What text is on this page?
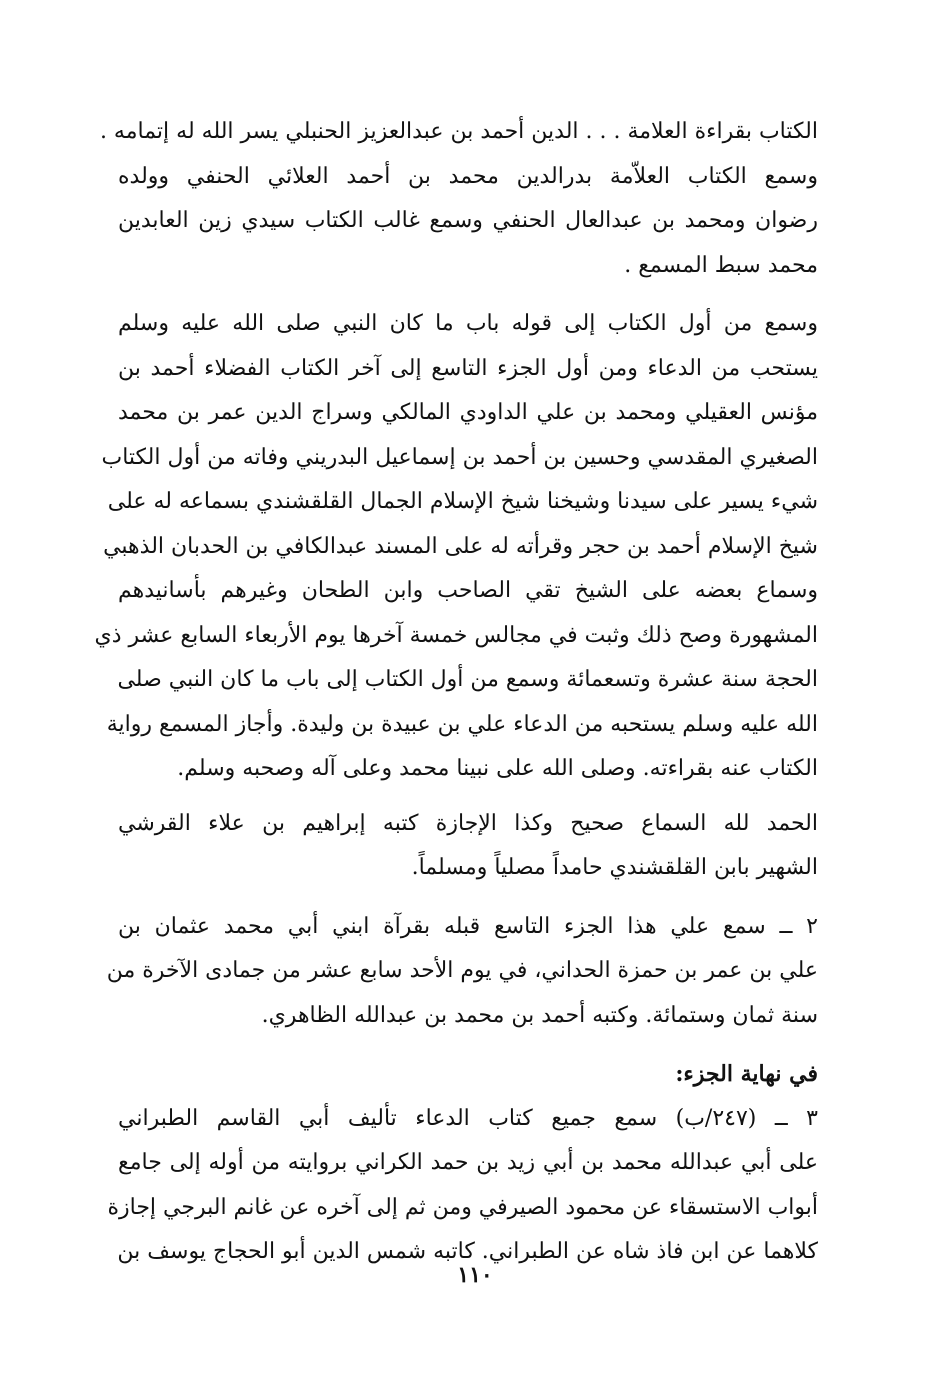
الكتاب بقراءة العلامة . . . الدين أحمد بن عبدالعزيز الحنبلي يسر الله له إتمامه .

وسمع الكتاب العلاّمة بدرالدين محمد بن أحمد العلائي الحنفي وولده
رضوان ومحمد بن عبدالعال الحنفي وسمع غالب الكتاب سيدي زين العابدين
محمد سبط المسمع .

وسمع من أول الكتاب إلى قوله باب ما كان النبي صلى الله عليه وسلم
يستحب من الدعاء ومن أول الجزء التاسع إلى آخر الكتاب الفضلاء أحمد بن
مؤنس العقيلي ومحمد بن علي الداودي المالكي وسراج الدين عمر بن محمد
الصغيري المقدسي وحسين بن أحمد بن إسماعيل البدريني وفاته من أول الكتاب
شيء يسير على سيدنا وشيخنا شيخ الإسلام الجمال القلقشندي بسماعه له على
شيخ الإسلام أحمد بن حجر وقرأته له على المسند عبدالكافي بن الحدبان الذهبي
وسماع بعضه على الشيخ تقي الصاحب وابن الطحان وغيرهم بأسانيدهم
المشهورة وصح ذلك وثبت في مجالس خمسة آخرها يوم الأربعاء السابع عشر ذي
الحجة سنة عشرة وتسعمائة وسمع من أول الكتاب إلى باب ما كان النبي صلى
الله عليه وسلم يستحبه من الدعاء علي بن عبيدة بن وليدة. وأجاز المسمع رواية
الكتاب عنه بقراءته. وصلى الله على نبينا محمد وعلى آله وصحبه وسلم.

الحمد لله السماع صحيح وكذا الإجازة كتبه إبراهيم بن علاء القرشي
الشهير بابن القلقشندي حامداً مصلياً ومسلماً.

٢ ــ سمع علي هذا الجزء التاسع قبله بقرآة ابني أبي محمد عثمان بن
علي بن عمر بن حمزة الحداني، في يوم الأحد سابع عشر من جمادى الآخرة من
سنة ثمان وستمائة. وكتبه أحمد بن محمد بن عبدالله الظاهري.

في نهاية الجزء:

٣ ــ (٢٤٧/ب) سمع جميع كتاب الدعاء تأليف أبي القاسم الطبراني
على أبي عبدالله محمد بن أبي زيد بن حمد الكراني بروايته من أوله إلى جامع
أبواب الاستسقاء عن محمود الصيرفي ومن ثم إلى آخره عن غانم البرجي إجازة
كلاهما عن ابن فاذ شاه عن الطبراني. كاتبه شمس الدين أبو الحجاج يوسف بن

١١٠
